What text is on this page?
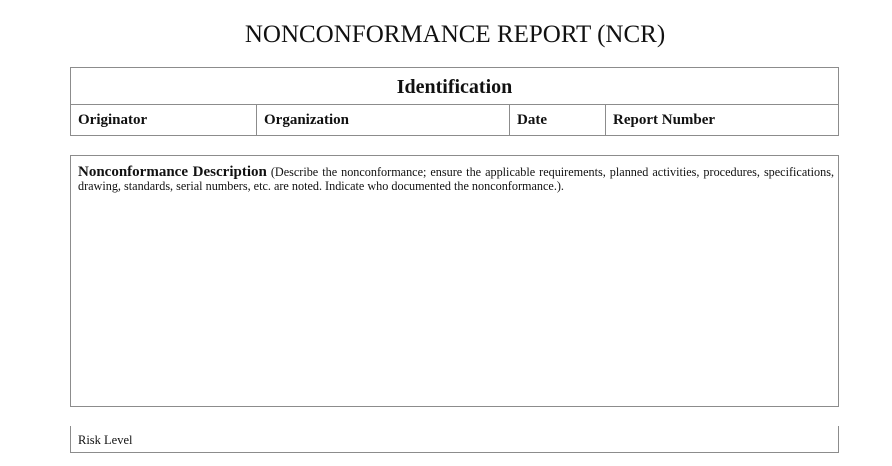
NONCONFORMANCE REPORT (NCR)
Identification
Originator	Organization	Date	Report Number
Nonconformance Description (Describe the nonconformance; ensure the applicable requirements, planned activities, procedures, specifications, drawing, standards, serial numbers, etc. are noted. Indicate who documented the nonconformance.).
Risk Level
